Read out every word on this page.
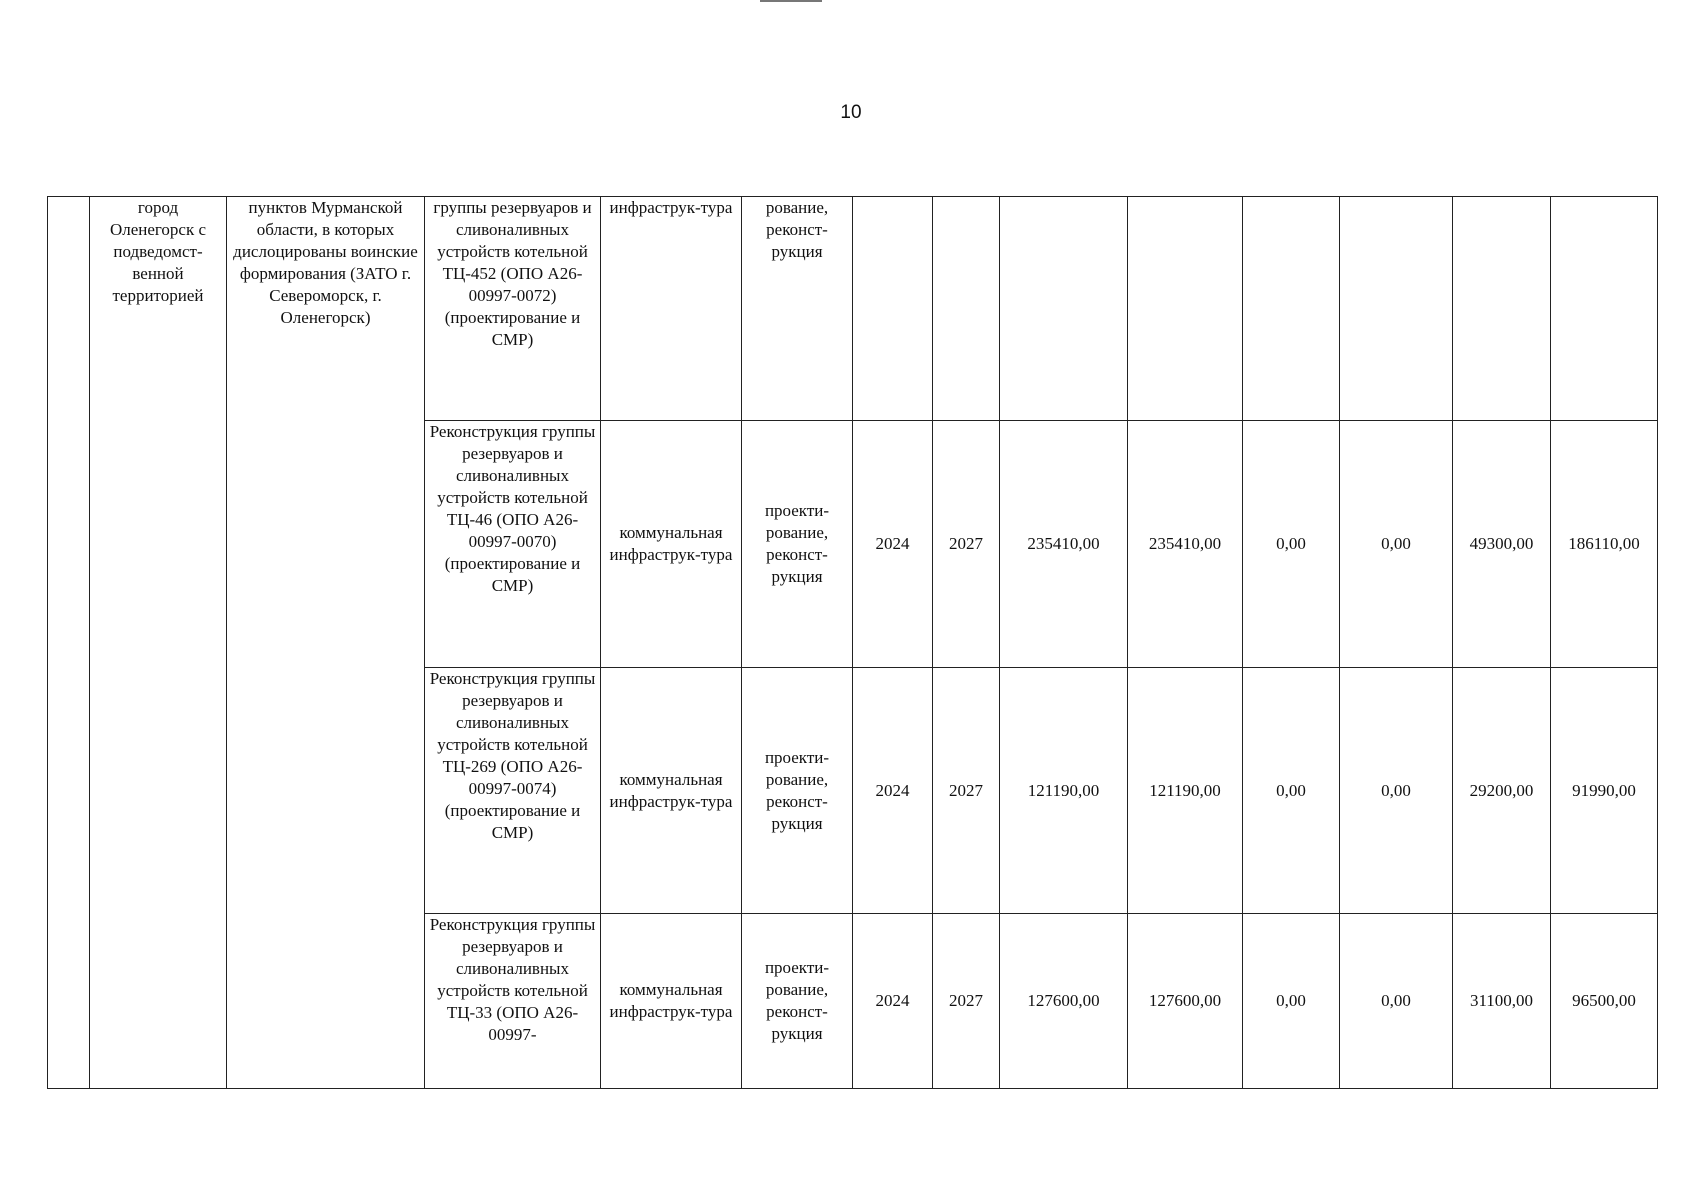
10
	город Оленегорск с подведомст-венной территорией	пунктов Мурманской области, в которых дислоцированы воинские формирования (ЗАТО г. Североморск, г. Оленегорск)	группы резервуаров и сливоналивных устройств котельной ТЦ-452 (ОПО А26-00997-0072) (проектирование и СМР)	инфраструк-тура	рование, реконст-рукция								
			Реконструкция группы резервуаров и сливоналивных устройств котельной ТЦ-46 (ОПО А26-00997-0070) (проектирование и СМР)	коммунальная инфраструк-тура	проекти-рование, реконст-рукция	2024	2027	235410,00	235410,00	0,00	0,00	49300,00	186110,00
			Реконструкция группы резервуаров и сливоналивных устройств котельной ТЦ-269 (ОПО А26-00997-0074) (проектирование и СМР)	коммунальная инфраструк-тура	проекти-рование, реконст-рукция	2024	2027	121190,00	121190,00	0,00	0,00	29200,00	91990,00
			Реконструкция группы резервуаров и сливоналивных устройств котельной ТЦ-33 (ОПО А26-00997-	коммунальная инфраструк-тура	проекти-рование, реконст-рукция	2024	2027	127600,00	127600,00	0,00	0,00	31100,00	96500,00
